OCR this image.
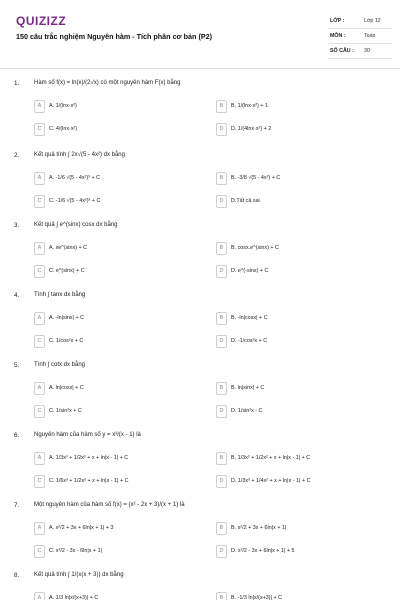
QUIZIZZ
150 câu trắc nghiệm Nguyên hàm - Tích phân cơ bản (P2)
LỚP :	Lớp 12
MÔN :	Toán
SỐ CÂU : 30
1. Hàm số f(x) = ln(x)/(2√x) có một nguyên hàm F(x) bằng
A	A. 1/(lnx·x²)	B	B. 1/(lnx·x²) + 1
C	C. 4/(lnx·x²)	D	D. 1/(4lnx·x²) + 2
2. Kết quả tính ∫ 2x√(5 - 4x²) dx bằng
A	A. -1/6 √(5 - 4x²)³ + C	B	B. -3/8 √(5 - 4x²) + C
C	C. -1/6 √(5 - 4x²)³ + C	D	D.Tất cả sai
3. Kết quả ∫ e^(sinx) cosx dx bằng
A	A. xe^(sinx) + C	B	B. cosx.e^(sinx) + C
C	C. e^(sinx) + C	D	D. e^(-sinx) + C
4. Tính ∫ tanx dx bằng
A	A. -ln|sinx| + C	B	B. -ln|cosx| + C
C	C. 1/cos²x + C	D	D. -1/cos²x + C
5. Tính ∫ cotx dx bằng
A	A. ln|cosx| + C	B	B. ln|sinx| + C
C	C. 1/sin²x + C	D	D. 1/sin²x - C
6. Nguyên hàm của hàm số y = x³/(x - 1) là
A	A. 1/3x³ + 1/2x² + x + ln|x - 1| + C	B	B. 1/3x³ + 1/2x² + x + ln|x - 1| + C
C	C. 1/6x³ + 1/2x² + x + ln|x - 1| + C	D	D. 1/3x³ + 1/4x² + x + ln|x - 1| + C
7. Một nguyên hàm của hàm số f(x) = (x² - 2x + 3)/(x + 1) là
A	A. x²/2 + 3x + 6ln|x + 1| + 3	B	B. x²/2 + 3x + 6ln|x + 1|
C	C. x²/2 - 3x - 6ln|x + 1|	D	D. x²/2 - 3x + 6ln|x + 1| + 5
8. Kết quả tính ∫ 1/(x(x + 3)) dx bằng
A	A. 1/3 ln|x/(x+3)| + C	B	B. -1/3 ln|x/(x+3)| + C
